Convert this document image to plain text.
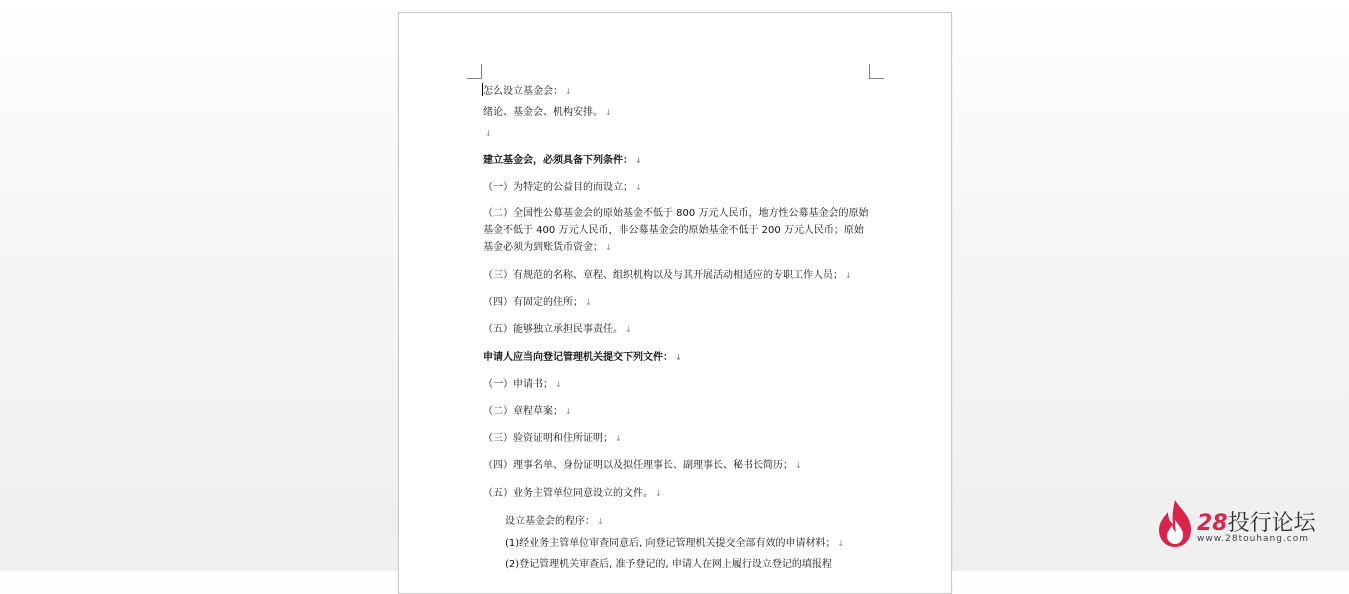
怎么设立基金会： ↓
绪论、基金会、机构安排。 ↓
↓
建立基金会，必须具备下列条件： ↓
（一）为特定的公益目的而设立； ↓
（二）全国性公募基金会的原始基金不低于 800 万元人民币，地方性公募基金会的原始基金不低于 400 万元人民币，非公募基金会的原始基金不低于 200 万元人民币；原始基金必须为到账货币资金； ↓
（三）有规范的名称、章程、组织机构以及与其开展活动相适应的专职工作人员； ↓
（四）有固定的住所； ↓
（五）能够独立承担民事责任。 ↓
申请人应当向登记管理机关提交下列文件： ↓
（一）申请书； ↓
（二）章程草案； ↓
（三）验资证明和住所证明； ↓
（四）理事名单、身份证明以及拟任理事长、副理事长、秘书长简历； ↓
（五）业务主管单位同意设立的文件。 ↓
设立基金会的程序： ↓
(1)经业务主管单位审查同意后, 向登记管理机关提交全部有效的申请材料； ↓
(2)登记管理机关审查后, 准予登记的, 申请人在网上履行设立登记的填报程
28投行论坛
www.28touhang.com
